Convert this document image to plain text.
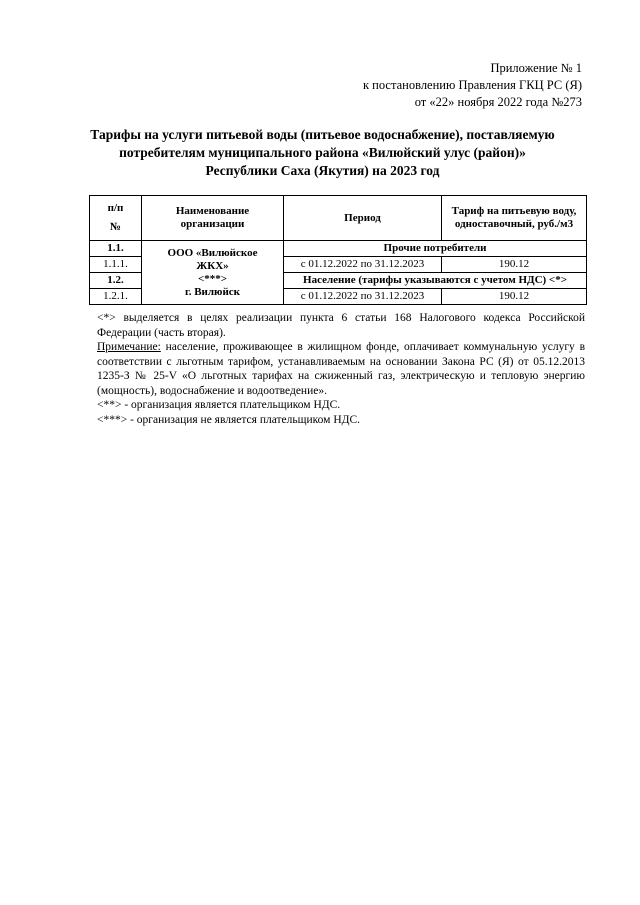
Приложение № 1
к постановлению Правления ГКЦ РС (Я)
от «22» ноября 2022 года №273
Тарифы на услуги питьевой воды (питьевое водоснабжение), поставляемую
потребителям муниципального района «Вилюйский улус (район)»
Республики Саха (Якутия) на 2023 год
п/п
№	Наименование организации	Период	Тариф на питьевую воду, одноставочный, руб./м3
1.1.	ООО «Вилюйское
ЖКХ»
<***>
г. Вилюйск	Прочие потребители	
1.1.1.		с 01.12.2022 по 31.12.2023	190.12
1.2.		Население (тарифы указываются с учетом НДС) <*>	
1.2.1.		с 01.12.2022 по 31.12.2023	190.12

<*> выделяется в целях реализации пункта 6 статьи 168 Налогового кодекса Российской Федерации (часть вторая).

Примечание: население, проживающее в жилищном фонде, оплачивает коммунальную услугу в соответствии с льготным тарифом, устанавливаемым на основании Закона РС (Я) от 05.12.2013 1235-З № 25-V «О льготных тарифах на сжиженный газ, электрическую и тепловую энергию (мощность), водоснабжение и водоотведение».

<**> - организация является плательщиком НДС.

<***> - организация не является плательщиком НДС.
